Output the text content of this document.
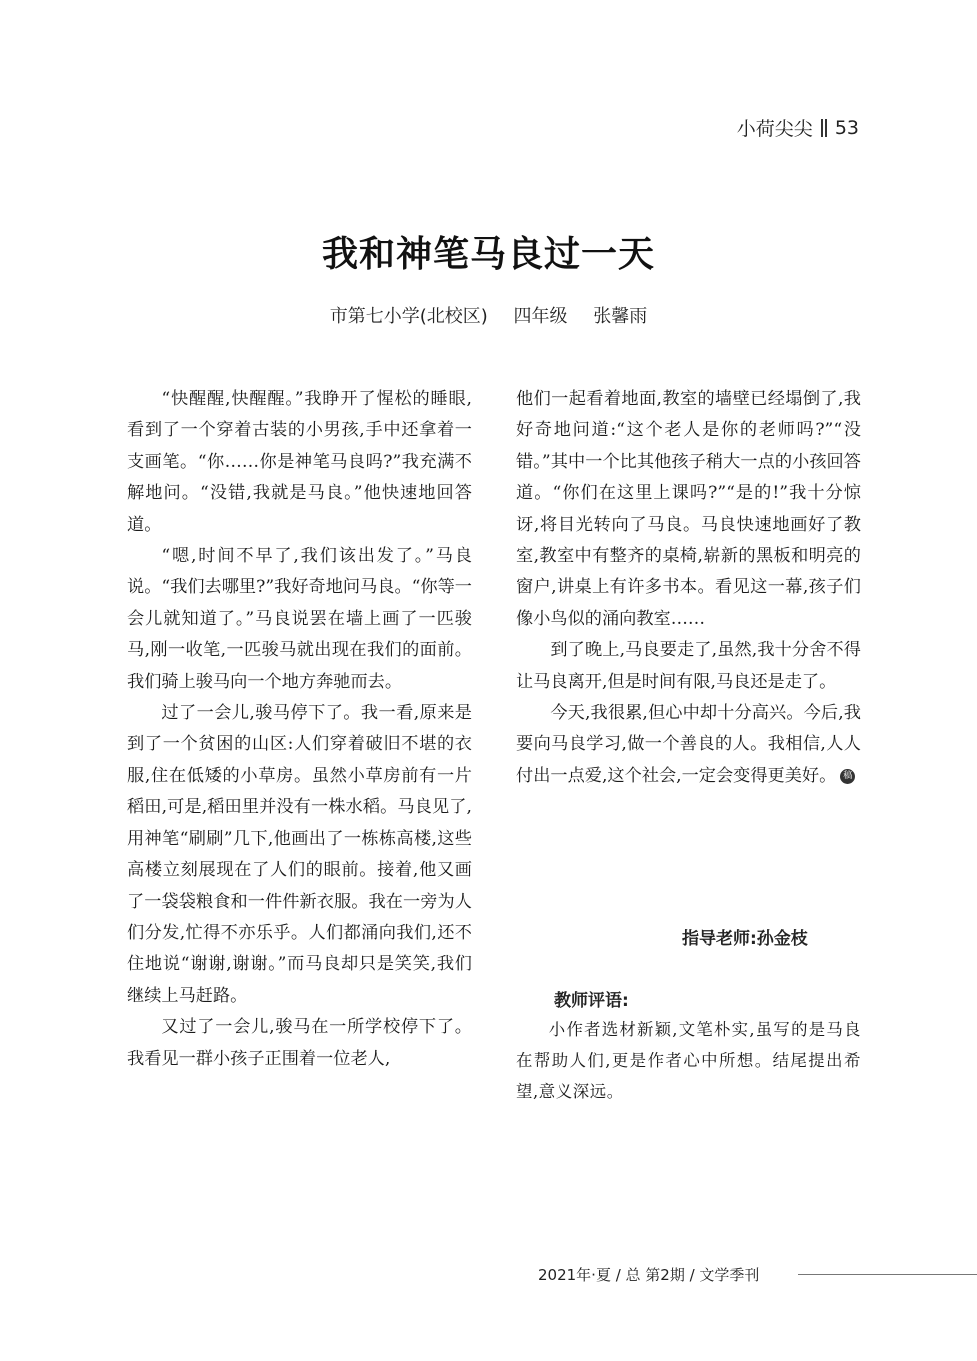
小荷尖尖 53
我和神笔马良过一天
市第七小学(北校区) 四年级 张馨雨

“快醒醒,快醒醒。”我睁开了惺松的睡眼,看到了一个穿着古装的小男孩,手中还拿着一支画笔。“你……你是神笔马良吗?”我充满不解地问。“没错,我就是马良。”他快速地回答道。

“嗯,时间不早了,我们该出发了。”马良说。“我们去哪里?”我好奇地问马良。“你等一会儿就知道了。”马良说罢在墙上画了一匹骏马,刚一收笔,一匹骏马就出现在我们的面前。我们骑上骏马向一个地方奔驰而去。

过了一会儿,骏马停下了。我一看,原来是到了一个贫困的山区:人们穿着破旧不堪的衣服,住在低矮的小草房。虽然小草房前有一片稻田,可是,稻田里并没有一株水稻。马良见了,用神笔“刷刷”几下,他画出了一栋栋高楼,这些高楼立刻展现在了人们的眼前。接着,他又画了一袋袋粮食和一件件新衣服。我在一旁为人们分发,忙得不亦乐乎。人们都涌向我们,还不住地说“谢谢,谢谢。”而马良却只是笑笑,我们继续上马赶路。

又过了一会儿,骏马在一所学校停下了。我看见一群小孩子正围着一位老人,

他们一起看着地面,教室的墙壁已经塌倒了,我好奇地问道:“这个老人是你的老师吗?”“没错。”其中一个比其他孩子稍大一点的小孩回答道。“你们在这里上课吗?”“是的!”我十分惊讶,将目光转向了马良。马良快速地画好了教室,教室中有整齐的桌椅,崭新的黑板和明亮的窗户,讲桌上有许多书本。看见这一幕,孩子们像小鸟似的涌向教室……

到了晚上,马良要走了,虽然,我十分舍不得让马良离开,但是时间有限,马良还是走了。

今天,我很累,但心中却十分高兴。今后,我要向马良学习,做一个善良的人。我相信,人人付出一点爱,这个社会,一定会变得更美好。 稿

指导老师:孙金枝
教师评语:

小作者选材新颖,文笔朴实,虽写的是马良在帮助人们,更是作者心中所想。结尾提出希望,意义深远。

2021年·夏 / 总 第2期 / 文学季刊
